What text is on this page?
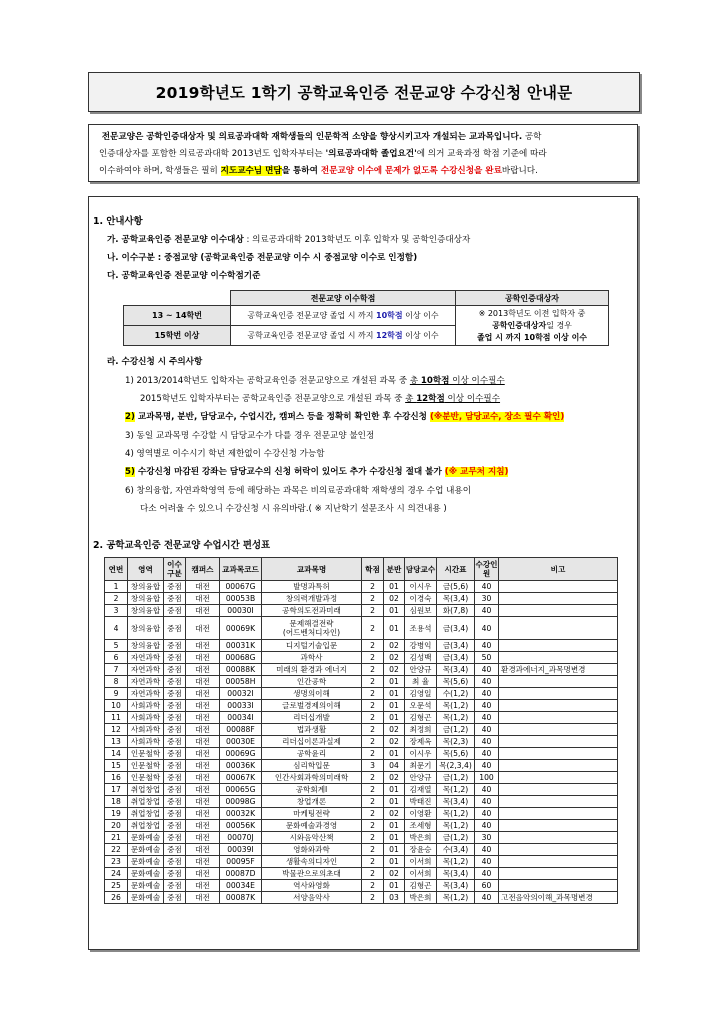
2019학년도 1학기 공학교육인증 전문교양 수강신청 안내문
전문교양은 공학인증대상자 및 의료공과대학 재학생들의 인문학적 소양을 향상시키고자 개설되는 교과목입니다. 공학
인증대상자를 포함한 의료공과대학 2013년도 입학자부터는 '의료공과대학 졸업요건'에 의거 교육과정 학점 기준에 따라
이수하여야 하며, 학생들은 필히 지도교수님 면담을 통하여 전문교양 이수에 문제가 없도록 수강신청을 완료바랍니다.
1. 안내사항
가. 공학교육인증 전문교양 이수대상 : 의료공과대학 2013학년도 이후 입학자 및 공학인증대상자
나. 이수구분 : 중점교양 (공학교육인증 전문교양 이수 시 중점교양 이수로 인정함)
다. 공학교육인증 전문교양 이수학점기준
	전문교양 이수학점	공학인증대상자
13 ~ 14학번	공학교육인증 전문교양 졸업 시 까지 10학점 이상 이수	※ 2013학년도 이전 입학자 중
공학인증대상자일 경우
졸업 시 까지 10학점 이상 이수

15학번 이상	공학교육인증 전문교양 졸업 시 까지 12학점 이상 이수	
라. 수강신청 시 주의사항
1) 2013/2014학년도 입학자는 공학교육인증 전문교양으로 개설된 과목 중 총 10학점 이상 이수필수
2015학년도 입학자부터는 공학교육인증 전문교양으로 개설된 과목 중 총 12학점 이상 이수필수
2) 교과목명, 분반, 담당교수, 수업시간, 캠퍼스 등을 정확히 확인한 후 수강신청 (※분반, 담당교수, 장소 필수 확인)
3) 동일 교과목명 수강할 시 담당교수가 다를 경우 전문교양 불인정
4) 영역별로 이수시기 학년 제한없이 수강신청 가능함
5) 수강신청 마감된 강좌는 담당교수의 신청 허락이 있어도 추가 수강신청 절대 불가 (※ 교무처 지침)
6) 창의융합, 자연과학영역 등에 해당하는 과목은 비의료공과대학 재학생의 경우 수업 내용이
다소 어려울 수 있으니 수강신청 시 유의바람.( ※ 지난학기 설문조사 시 의견내용 )
2. 공학교육인증 전문교양 수업시간 편성표
연번	영역	이수구분	캠퍼스	교과목코드	교과목명	학점	분반	담당교수	시간표	수강인원	비고
1	창의융합	중점	대전	00067G	발명과특허	2	01	이시우	금(5,6)	40	
2	창의융합	중점	대전	00053B	창의력개발과정	2	02	이경숙	목(3,4)	30	
3	창의융합	중점	대전	00030I	공학의도전과미래	2	01	심원보	화(7,8)	40	
4	창의융합	중점	대전	00069K	문제해결전략
(어드벤처디자인)	2	01	조용석	금(3,4)	40	
5	창의융합	중점	대전	00031K	디지털기술입문	2	02	강병익	금(3,4)	40	
6	자연과학	중점	대전	00068G	과학사	2	02	김성백	금(3,4)	50	
7	자연과학	중점	대전	00088K	미래의 환경과 에너지	2	02	안양규	목(3,4)	40	환경과에너지_과목명변경
8	자연과학	중점	대전	00058H	인간공학	2	01	최 율	목(5,6)	40	
9	자연과학	중점	대전	00032I	생명의이해	2	01	김영일	수(1,2)	40	
10	사회과학	중점	대전	00033I	글로벌경제의이해	2	01	오문석	목(1,2)	40	
11	사회과학	중점	대전	00034I	리더십개발	2	01	김형곤	목(1,2)	40	
12	사회과학	중점	대전	00088F	법과생활	2	02	최정희	금(1,2)	40	
13	사회과학	중점	대전	00030E	리더십이론과실제	2	02	장제옥	목(2,3)	40	
14	인문철학	중점	대전	00069G	공학윤리	2	01	이시우	목(5,6)	40	
15	인문철학	중점	대전	00036K	심리학입문	3	04	최문기	목(2,3,4)	40	
16	인문철학	중점	대전	00067K	인간사회과학의미래학	2	02	안양규	금(1,2)	100	
17	취업창업	중점	대전	00065G	공학회계I	2	01	김재열	목(1,2)	40	
18	취업창업	중점	대전	00098G	창업개론	2	01	박태진	목(3,4)	40	
19	취업창업	중점	대전	00032K	마케팅전략	2	02	이영환	목(1,2)	40	
20	취업창업	중점	대전	00056K	문화예술과경영	2	01	조세형	목(1,2)	40	
21	문화예술	중점	대전	00070J	시와음악산책	2	01	박은희	금(1,2)	30	
22	문화예술	중점	대전	00039I	영화와과학	2	01	장윤승	수(3,4)	40	
23	문화예술	중점	대전	00095F	생활속의디자인	2	01	이서희	목(1,2)	40	
24	문화예술	중점	대전	00087D	박물관으로의초대	2	02	이서희	목(3,4)	40	
25	문화예술	중점	대전	00034E	역사와영화	2	01	김형곤	목(3,4)	60	
26	문화예술	중점	대전	00087K	서양음악사	2	03	박은희	목(1,2)	40	고전음악의이해_과목명변경
